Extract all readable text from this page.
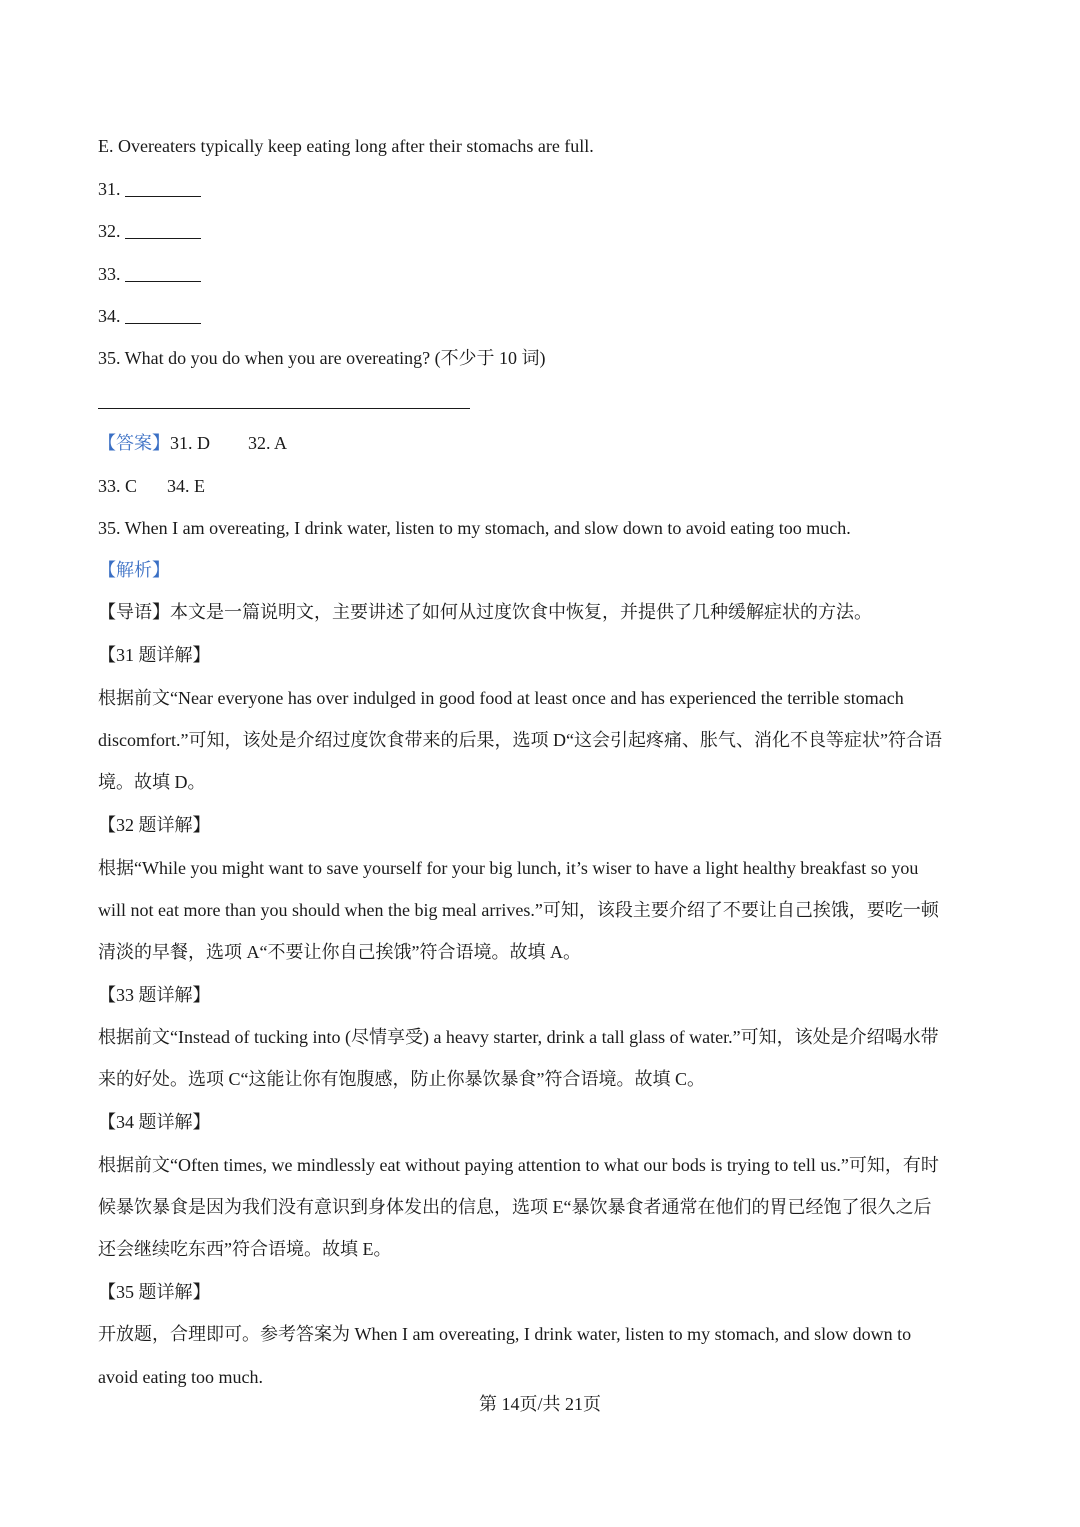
E. Overeaters typically keep eating long after their stomachs are full.
31.
32.
33.
34.
35. What do you do when you are overeating? (不少于 10 词)
【答案】31. D 32. A
33. C 34. E
35. When I am overeating, I drink water, listen to my stomach, and slow down to avoid eating too much.
【解析】
【导语】本文是一篇说明文，主要讲述了如何从过度饮食中恢复，并提供了几种缓解症状的方法。
【31 题详解】
根据前文“Near everyone has over indulged in good food at least once and has experienced the terrible stomach
discomfort.”可知，该处是介绍过度饮食带来的后果，选项 D“这会引起疼痛、胀气、消化不良等症状”符合语
境。故填 D。
【32 题详解】
根据“While you might want to save yourself for your big lunch, it’s wiser to have a light healthy breakfast so you
will not eat more than you should when the big meal arrives.”可知，该段主要介绍了不要让自己挨饿，要吃一顿
清淡的早餐，选项 A“不要让你自己挨饿”符合语境。故填 A。
【33 题详解】
根据前文“Instead of tucking into (尽情享受) a heavy starter, drink a tall glass of water.”可知，该处是介绍喝水带
来的好处。选项 C“这能让你有饱腹感，防止你暴饮暴食”符合语境。故填 C。
【34 题详解】
根据前文“Often times, we mindlessly eat without paying attention to what our bods is trying to tell us.”可知，有时
候暴饮暴食是因为我们没有意识到身体发出的信息，选项 E“暴饮暴食者通常在他们的胃已经饱了很久之后
还会继续吃东西”符合语境。故填 E。
【35 题详解】
开放题，合理即可。参考答案为 When I am overeating, I drink water, listen to my stomach, and slow down to
avoid eating too much.
第 14页/共 21页
